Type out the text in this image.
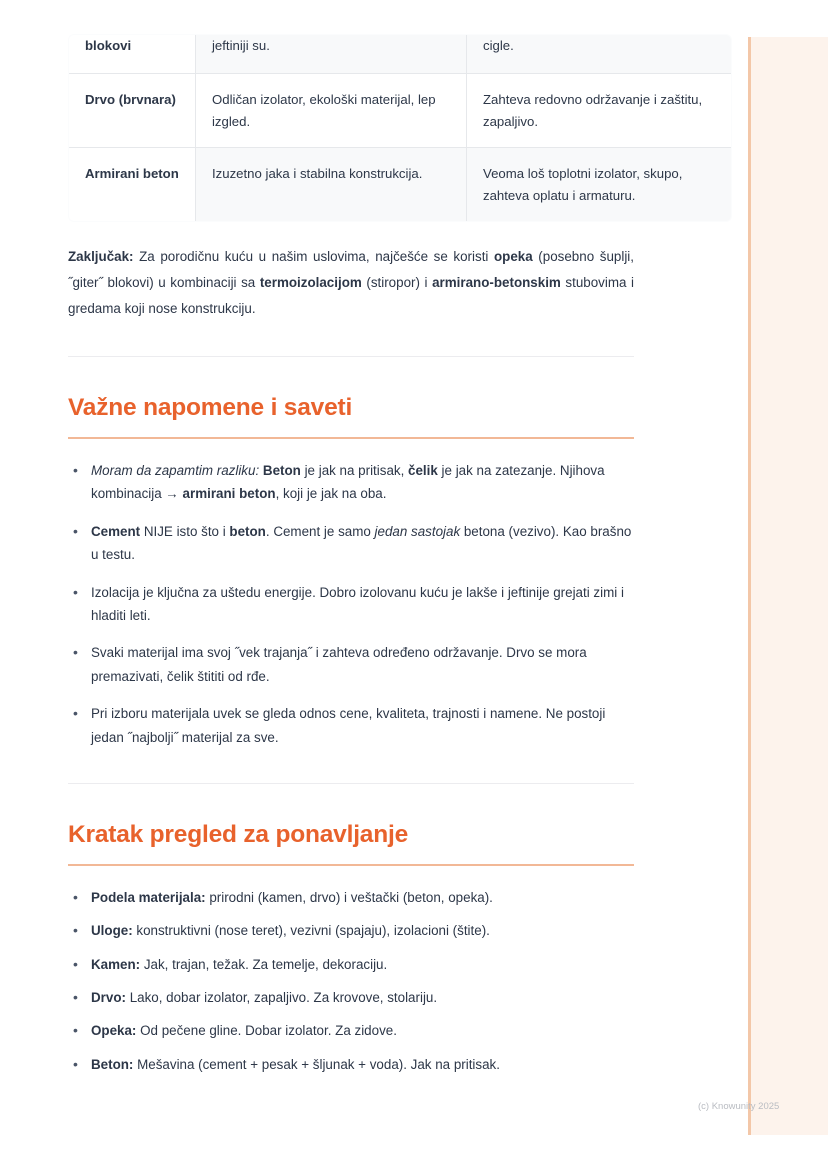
blokovi	jeftiniji su.	cigle.
Drvo (brvnara)	Odličan izolator, ekološki materijal, lep izgled.	Zahteva redovno održavanje i zaštitu, zapaljivo.
Armirani beton	Izuzetno jaka i stabilna konstrukcija.	Veoma loš toplotni izolator, skupo, zahteva oplatu i armaturu.

Zaključak: Za porodičnu kuću u našim uslovima, najčešće se koristi opeka (posebno šuplji, ˝giter˝ blokovi) u kombinaciji sa termoizolacijom (stiropor) i armirano-betonskim stubovima i gredama koji nose konstrukciju.

Važne napomene i saveti
• Moram da zapamtim razliku: Beton je jak na pritisak, čelik je jak na zatezanje. Njihova kombinacija → armirani beton, koji je jak na oba.
• Cement NIJE isto što i beton. Cement je samo jedan sastojak betona (vezivo). Kao brašno u testu.
• Izolacija je ključna za uštedu energije. Dobro izolovanu kuću je lakše i jeftinije grejati zimi i hladiti leti.
• Svaki materijal ima svoj ˝vek trajanja˝ i zahteva određeno održavanje. Drvo se mora premazivati, čelik štititi od rđe.
• Pri izboru materijala uvek se gleda odnos cene, kvaliteta, trajnosti i namene. Ne postoji jedan ˝najbolji˝ materijal za sve.
Kratak pregled za ponavljanje
• Podela materijala: prirodni (kamen, drvo) i veštački (beton, opeka).
• Uloge: konstruktivni (nose teret), vezivni (spajaju), izolacioni (štite).
• Kamen: Jak, trajan, težak. Za temelje, dekoraciju.
• Drvo: Lako, dobar izolator, zapaljivo. Za krovove, stolariju.
• Opeka: Od pečene gline. Dobar izolator. Za zidove.
• Beton: Mešavina (cement + pesak + šljunak + voda). Jak na pritisak.
(c) Knowunity 2025
